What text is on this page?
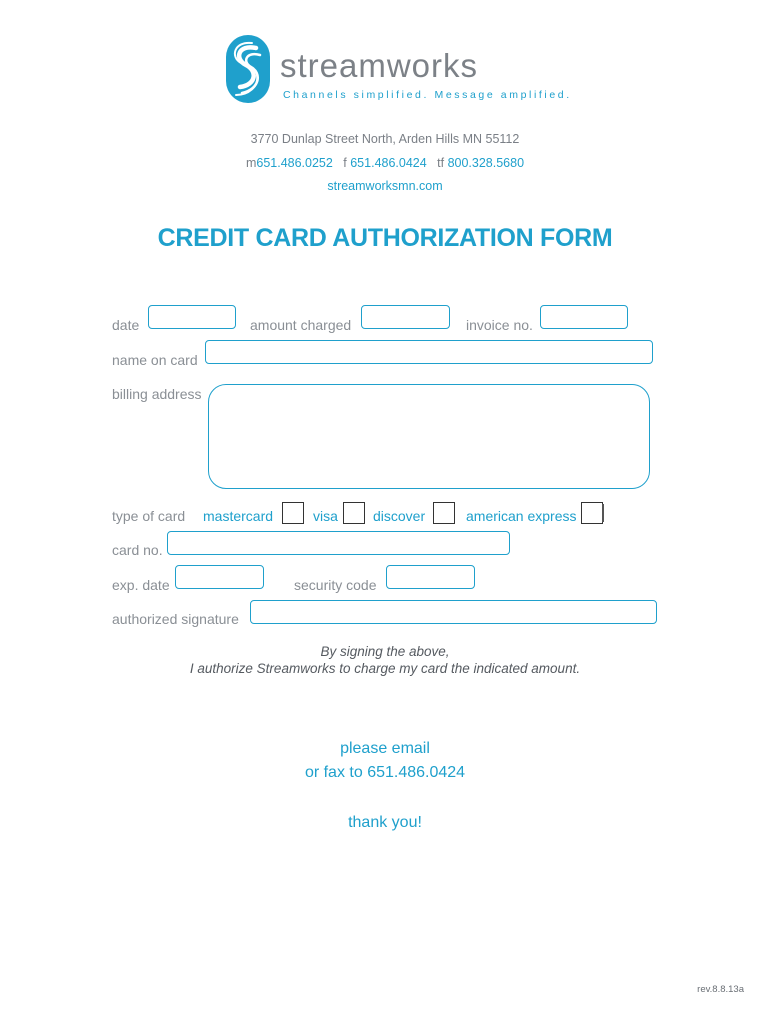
streamworks
Channels simplified. Message amplified.
3770 Dunlap Street North, Arden Hills MN 55112
m651.486.0252 f 651.486.0424 tf 800.328.5680
streamworksmn.com
CREDIT CARD AUTHORIZATION FORM
date	amount charged	invoice no.
name on card
billing address
type of card mastercard	visa	discover	american express
card no.
exp. date	security code
authorized signature
By signing the above,
I authorize Streamworks to charge my card the indicated amount.
please email
or fax to 651.486.0424
thank you!
rev.8.8.13a
